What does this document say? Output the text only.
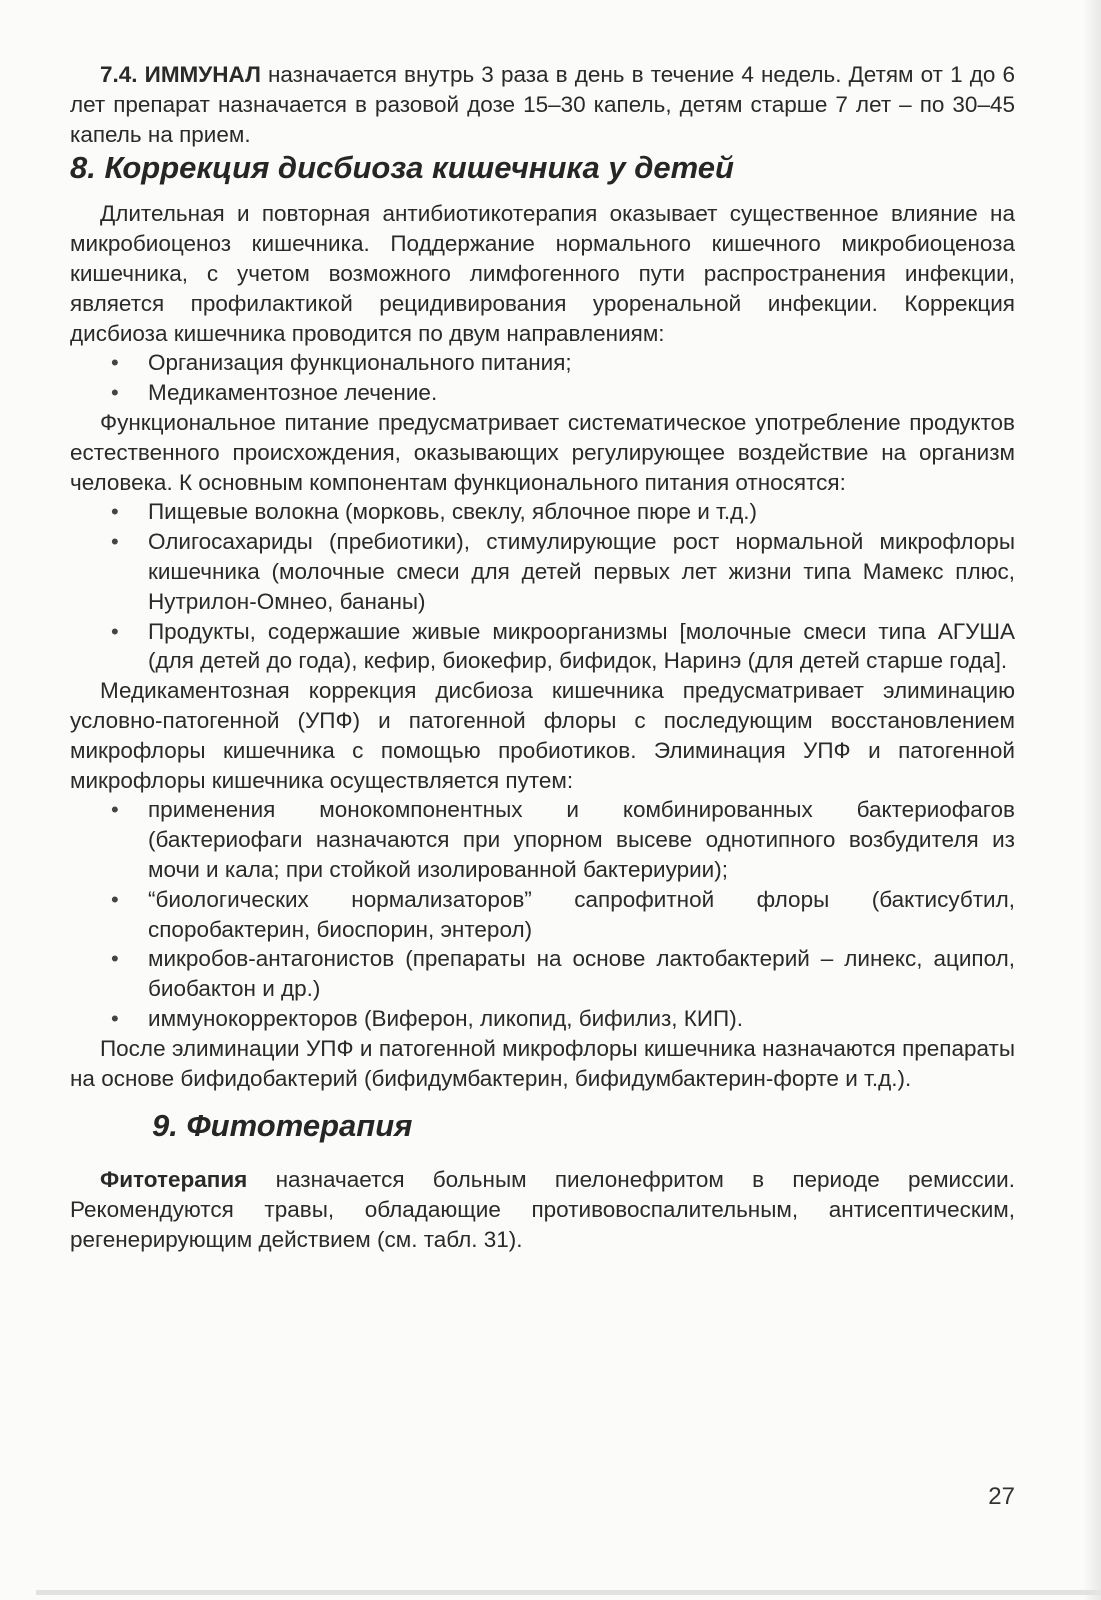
7.4. ИММУНАЛ назначается внутрь 3 раза в день в течение 4 недель. Детям от 1 до 6 лет препарат назначается в разовой дозе 15–30 капель, детям старше 7 лет – по 30–45 капель на прием.

8. Коррекция дисбиоза кишечника у детей

Длительная и повторная антибиотикотерапия оказывает существенное влияние на микробиоценоз кишечника. Поддержание нормального кишечного микробиоценоза кишечника, с учетом возможного лимфогенного пути распространения инфекции, является профилактикой рецидивирования уроренальной инфекции. Коррекция дисбиоза кишечника проводится по двум направлениям:

• Организация функционального питания;
• Медикаментозное лечение.

Функциональное питание предусматривает систематическое употребление продуктов естественного происхождения, оказывающих регулирующее воздействие на организм человека. К основным компонентам функционального питания относятся:

• Пищевые волокна (морковь, свеклу, яблочное пюре и т.д.)
• Олигосахариды (пребиотики), стимулирующие рост нормальной микрофлоры кишечника (молочные смеси для детей первых лет жизни типа Мамекс плюс, Нутрилон-Омнео, бананы)
• Продукты, содержашие живые микроорганизмы [молочные смеси типа АГУША (для детей до года), кефир, биокефир, бифидок, Наринэ (для детей старше года].

Медикаментозная коррекция дисбиоза кишечника предусматривает элиминацию условно-патогенной (УПФ) и патогенной флоры с последующим восстановлением микрофлоры кишечника с помощью пробиотиков. Элиминация УПФ и патогенной микрофлоры кишечника осуществляется путем:

• применения монокомпонентных и комбинированных бактериофагов (бактериофаги назначаются при упорном высеве однотипного возбудителя из мочи и кала; при стойкой изолированной бактериурии);
• “биологических нормализаторов” сапрофитной флоры (бактисубтил, споробактерин, биоспорин, энтерол)
• микробов-антагонистов (препараты на основе лактобактерий – линекс, аципол, биобактон и др.)
• иммунокорректоров (Виферон, ликопид, бифилиз, КИП).

После элиминации УПФ и патогенной микрофлоры кишечника назначаются препараты на основе бифидобактерий (бифидумбактерин, бифидумбактерин-форте и т.д.).

9. Фитотерапия

Фитотерапия назначается больным пиелонефритом в периоде ремиссии. Рекомендуются травы, обладающие противовоспалительным, антисептическим, регенерирующим действием (см. табл. 31).

27
